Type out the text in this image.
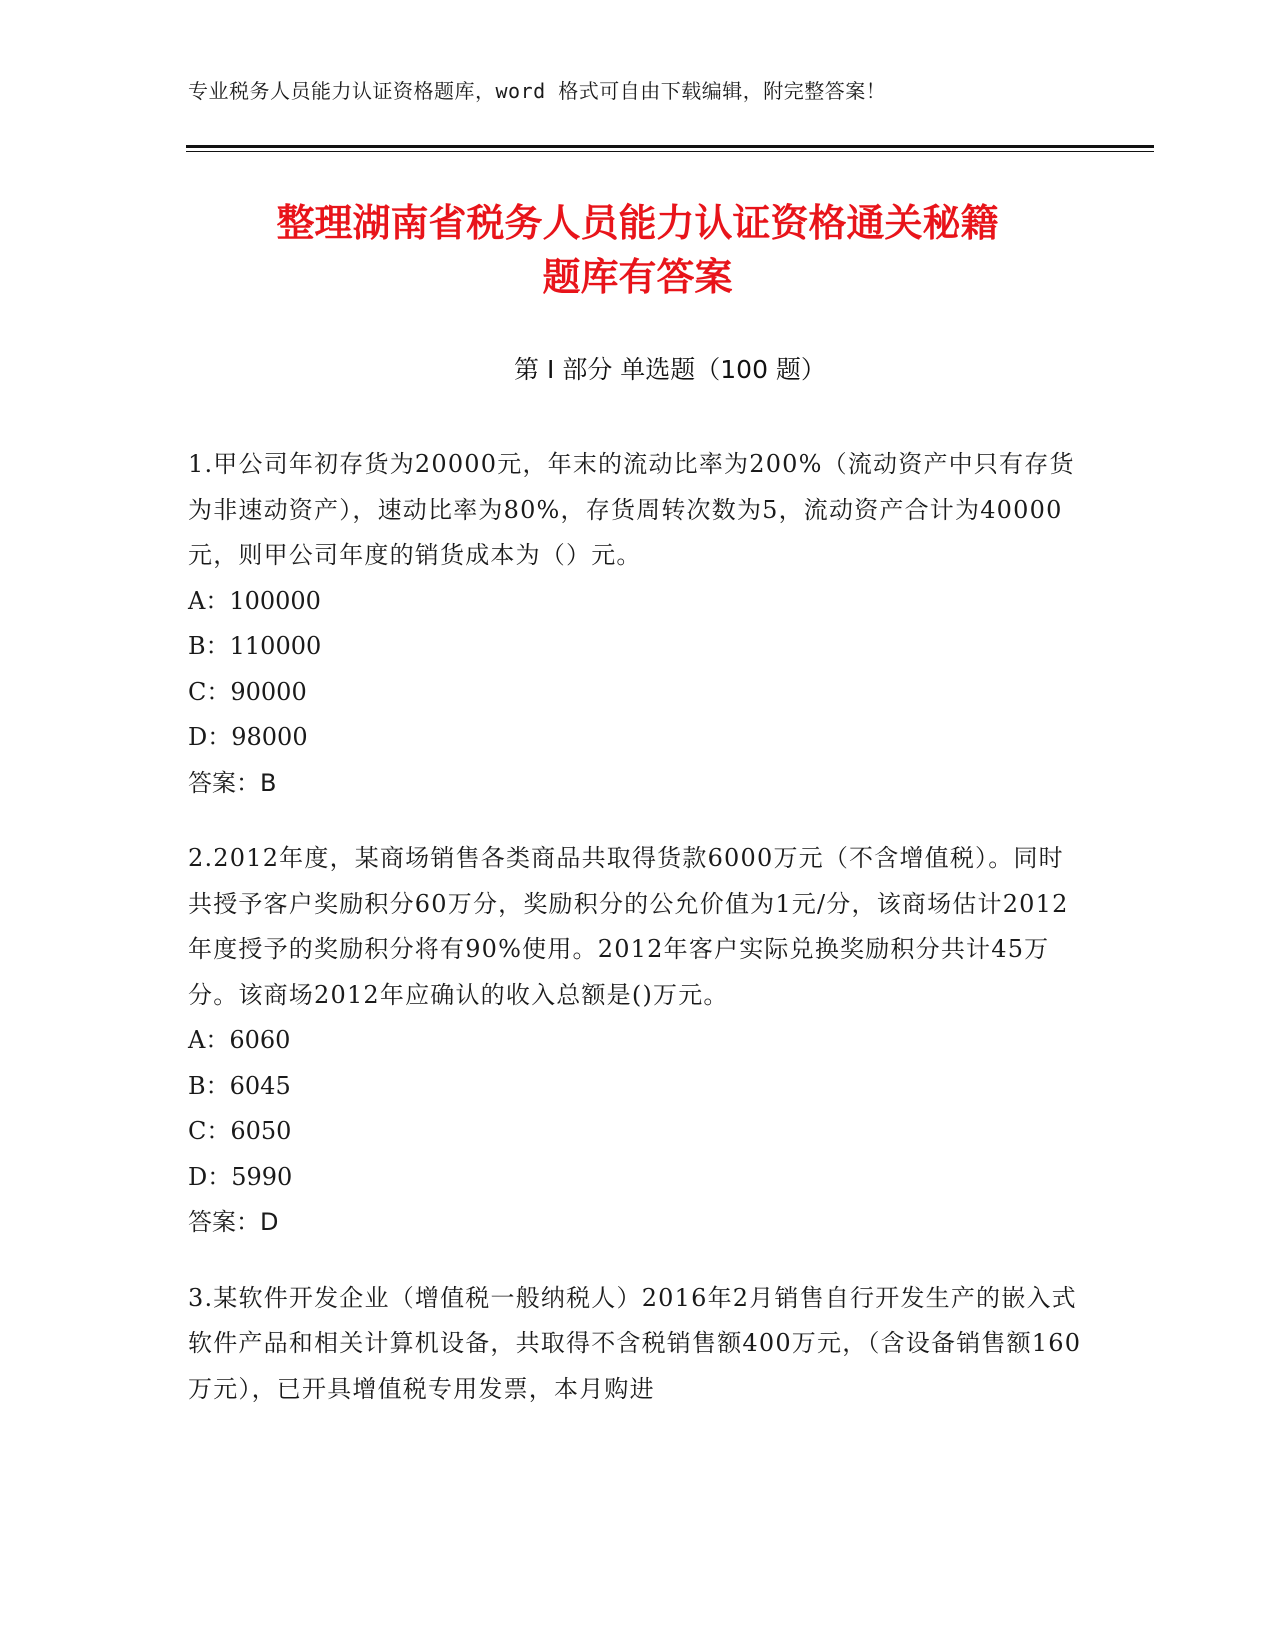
专业税务人员能力认证资格题库，word 格式可自由下载编辑，附完整答案！
整理湖南省税务人员能力认证资格通关秘籍
题库有答案
第 I 部分 单选题（100 题）

1.甲公司年初存货为20000元，年末的流动比率为200%（流动资产中只有存货为非速动资产），速动比率为80%，存货周转次数为5，流动资产合计为40000元，则甲公司年度的销货成本为（）元。

A：100000

B：110000

C：90000

D：98000

答案：B

2.2012年度，某商场销售各类商品共取得货款6000万元（不含增值税）。同时共授予客户奖励积分60万分，奖励积分的公允价值为1元/分，该商场估计2012年度授予的奖励积分将有90%使用。2012年客户实际兑换奖励积分共计45万分。该商场2012年应确认的收入总额是()万元。

A：6060

B：6045

C：6050

D：5990

答案：D

3.某软件开发企业（增值税一般纳税人）2016年2月销售自行开发生产的嵌入式软件产品和相关计算机设备，共取得不含税销售额400万元，（含设备销售额160万元），已开具增值税专用发票，本月购进
